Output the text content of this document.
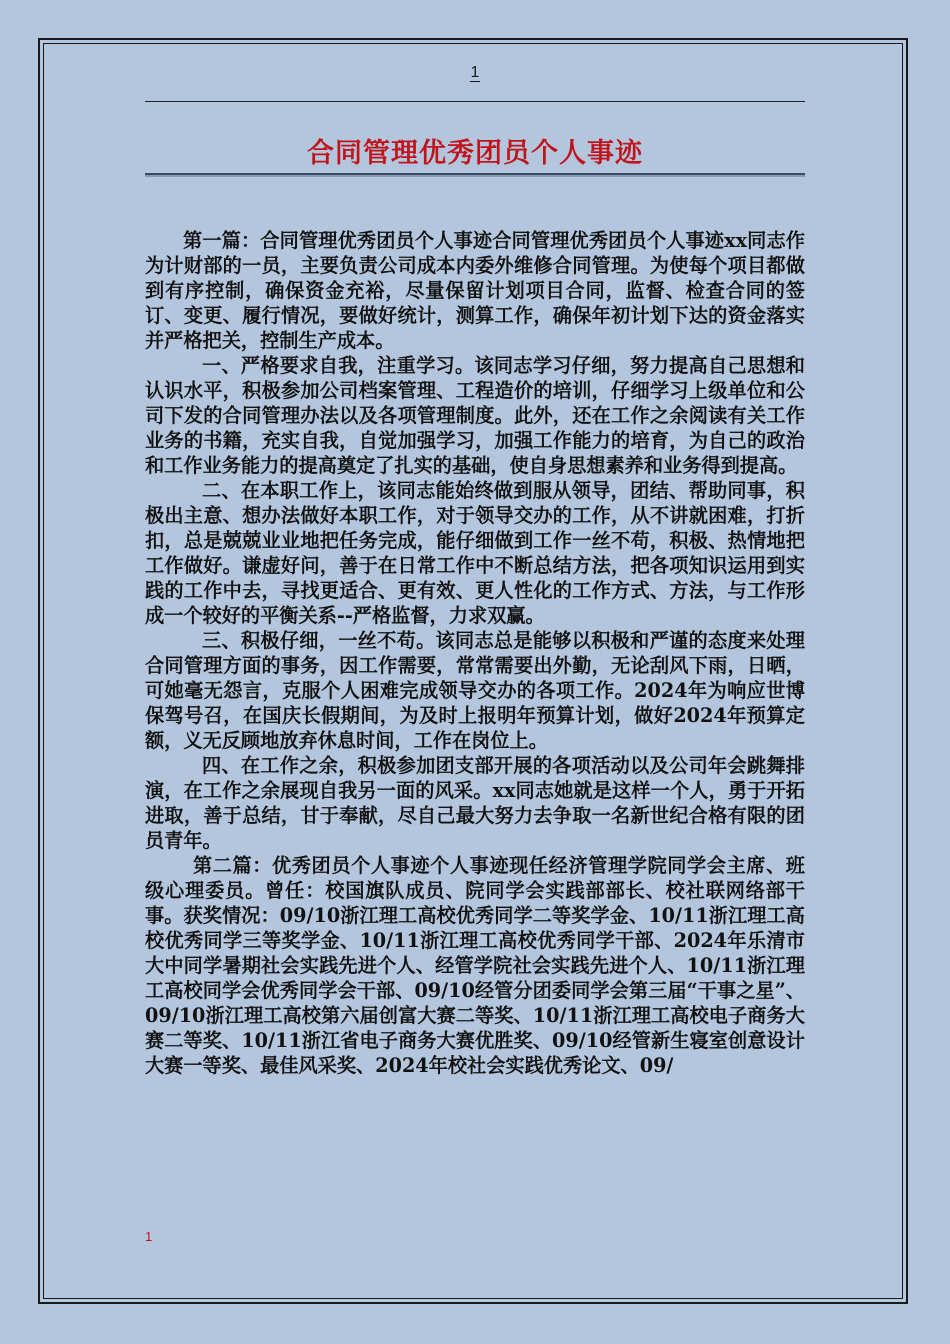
1
合同管理优秀团员个人事迹

第一篇：合同管理优秀团员个人事迹合同管理优秀团员个人事迹xx同志作为计财部的一员，主要负责公司成本内委外维修合同管理。为使每个项目都做到有序控制，确保资金充裕，尽量保留计划项目合同，监督、检查合同的签订、变更、履行情况，要做好统计，测算工作，确保年初计划下达的资金落实并严格把关，控制生产成本。

一、严格要求自我，注重学习。该同志学习仔细，努力提高自己思想和认识水平，积极参加公司档案管理、工程造价的培训，仔细学习上级单位和公司下发的合同管理办法以及各项管理制度。此外，还在工作之余阅读有关工作业务的书籍，充实自我，自觉加强学习，加强工作能力的培育，为自己的政治和工作业务能力的提高奠定了扎实的基础，使自身思想素养和业务得到提高。

二、在本职工作上，该同志能始终做到服从领导，团结、帮助同事，积极出主意、想办法做好本职工作，对于领导交办的工作，从不讲就困难，打折扣，总是兢兢业业地把任务完成，能仔细做到工作一丝不苟，积极、热情地把工作做好。谦虚好问，善于在日常工作中不断总结方法，把各项知识运用到实践的工作中去，寻找更适合、更有效、更人性化的工作方式、方法，与工作形成一个较好的平衡关系--严格监督，力求双赢。

三、积极仔细，一丝不苟。该同志总是能够以积极和严谨的态度来处理合同管理方面的事务，因工作需要，常常需要出外勤，无论刮风下雨，日晒，可她毫无怨言，克服个人困难完成领导交办的各项工作。2024年为响应世博保驾号召，在国庆长假期间，为及时上报明年预算计划，做好2024年预算定额，义无反顾地放弃休息时间，工作在岗位上。

四、在工作之余，积极参加团支部开展的各项活动以及公司年会跳舞排演，在工作之余展现自我另一面的风采。xx同志她就是这样一个人，勇于开拓进取，善于总结，甘于奉献，尽自己最大努力去争取一名新世纪合格有限的团员青年。

第二篇：优秀团员个人事迹个人事迹现任经济管理学院同学会主席、班级心理委员。曾任：校国旗队成员、院同学会实践部部长、校社联网络部干事。获奖情况：09/10浙江理工高校优秀同学二等奖学金、10/11浙江理工高校优秀同学三等奖学金、10/11浙江理工高校优秀同学干部、2024年乐清市大中同学暑期社会实践先进个人、经管学院社会实践先进个人、10/11浙江理工高校同学会优秀同学会干部、09/10经管分团委同学会第三届“干事之星”、09/10浙江理工高校第六届创富大赛二等奖、10/11浙江理工高校电子商务大赛二等奖、10/11浙江省电子商务大赛优胜奖、09/10经管新生寝室创意设计大赛一等奖、最佳风采奖、2024年校社会实践优秀论文、09/

1
